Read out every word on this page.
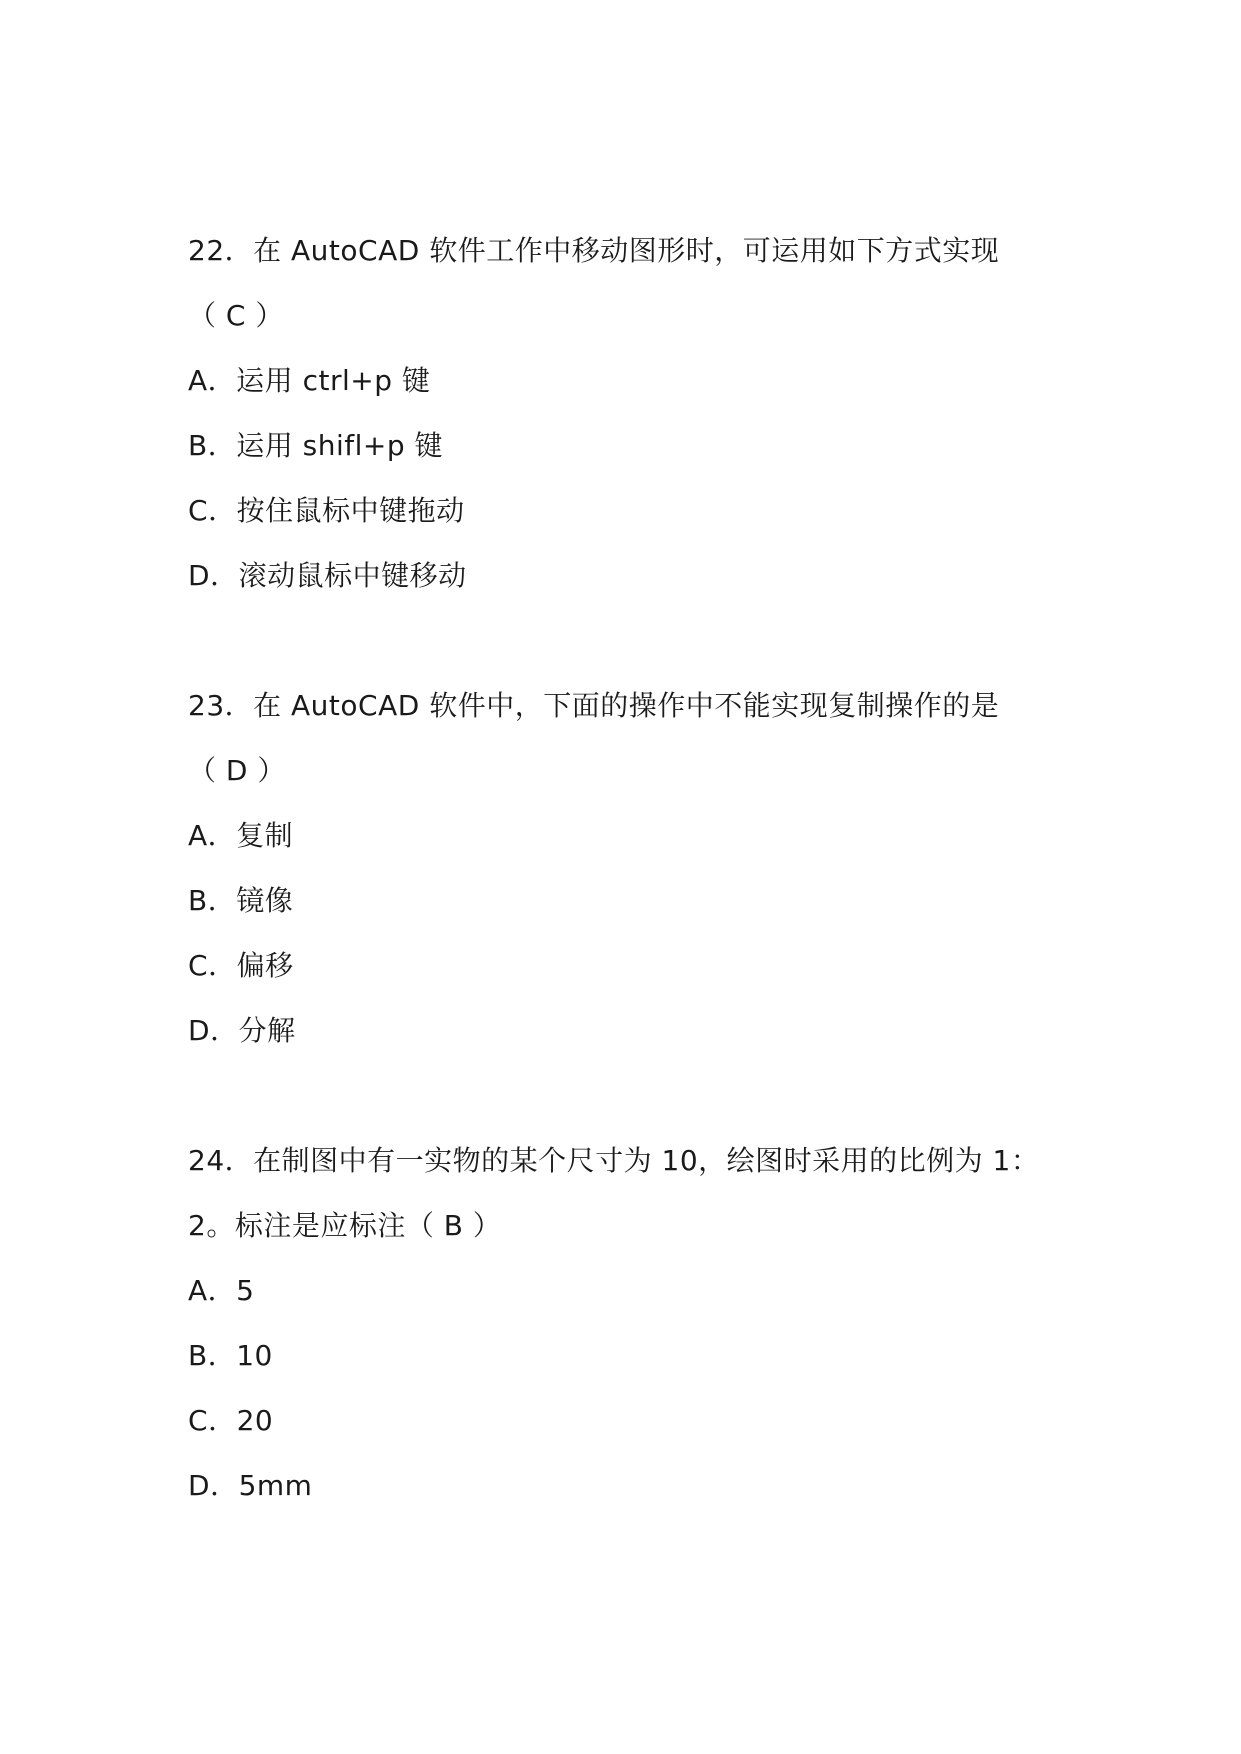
22．在 AutoCAD 软件工作中移动图形时，可运用如下方式实现
（ C ）
A．运用 ctrl+p 键
B．运用 shifl+p 键
C．按住鼠标中键拖动
D．滚动鼠标中键移动
23．在 AutoCAD 软件中，下面的操作中不能实现复制操作的是
（ D ）
A．复制
B．镜像
C．偏移
D．分解
24．在制图中有一实物的某个尺寸为 10，绘图时采用的比例为 1：
2。标注是应标注（ B ）
A．5
B．10
C．20
D．5mm
